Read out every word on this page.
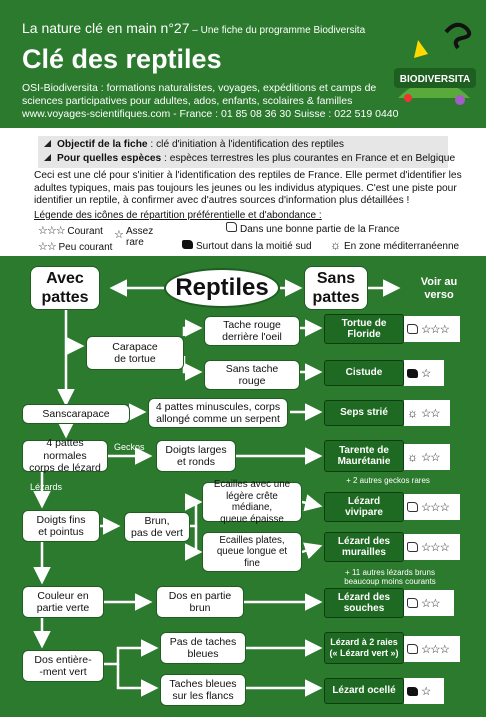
La nature clé en main n°27 – Une fiche du programme Biodiversita
Clé des reptiles
OSI-Biodiversita : formations naturalistes, voyages, expéditions et camps de
sciences participatives pour adultes, ados, enfants, scolaires & familles
www.voyages-scientifiques.com - France : 01 85 08 36 30 Suisse : 022 519 0440
BIODIVERSITA
Objectif de la fiche : clé d'initiation à l'identification des reptiles
Pour quelles espèces : espèces terrestres les plus courantes en France et en Belgique
Ceci est une clé pour s'initier à l'identification des reptiles de France. Elle permet d'identifier les adultes typiques, mais pas toujours les jeunes ou les individus atypiques. C'est une piste pour identifier un reptile, à confirmer avec d'autres sources d'information plus détaillées !
Légende des icônes de répartition préférentielle et d'abondance :
☆☆☆ Courant
☆☆ Peu courant
☆ Assez
rare
Dans une bonne partie de la France
Surtout dans la moitié sud ☼ En zone méditerranéenne
Avec
pattes	Reptiles	Sans
pattes
Voir au
verso
Carapace
de tortue
Tache rouge
derrière l'oeil
Sans tache
rouge
Sanscarapace
4 pattes minuscules, corps
allongé comme un serpent
4 pattes normales
corps de lézard
Geckos	Doigts larges
et ronds
Lézards
Doigts fins
et pointus
Brun,
pas de vert
Ecailles avec une
légère crête médiane,
queue épaisse
Ecailles plates,
queue longue et
fine
Couleur en
partie verte
Dos en partie
brun
Dos entière-
-ment vert
Pas de taches
bleues
Taches bleues
sur les flancs
+ 2 autres geckos rares
+ 11 autres lézards bruns
beaucoup moins courants
Tortue de
Floride	☆☆☆
Cistude	☆
Seps strié	☼ ☆☆
Tarente de
Maurétanie	☼ ☆☆
Lézard
vivipare	☆☆☆
Lézard des
murailles	☆☆☆
Lézard des
souches	☆☆
Lézard à 2 raies
(« Lézard vert »)	☆☆☆
Lézard ocellé	☆
